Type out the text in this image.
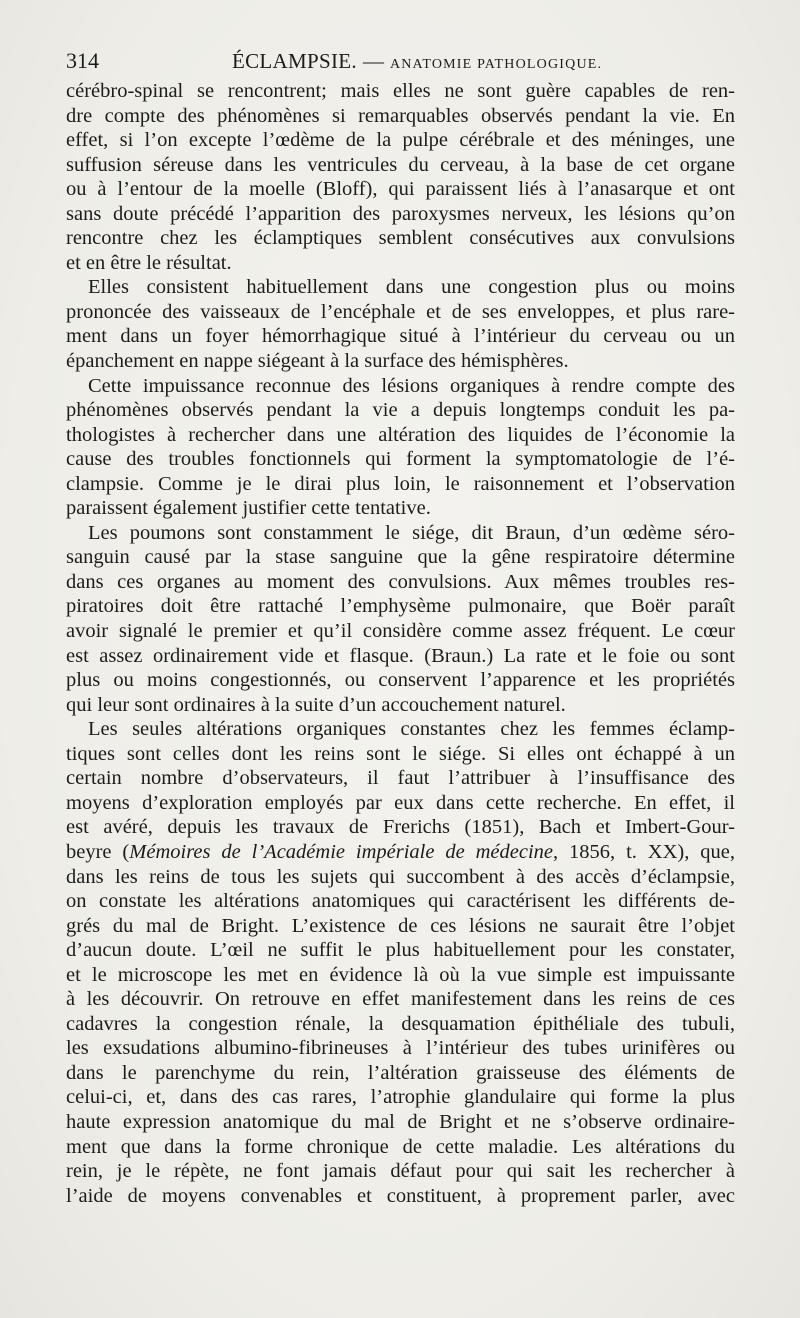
314	ÉCLAMPSIE. — ANATOMIE PATHOLOGIQUE.
cérébro-spinal se rencontrent; mais elles ne sont guère capables de ren-
dre compte des phénomènes si remarquables observés pendant la vie. En
effet, si l’on excepte l’œdème de la pulpe cérébrale et des méninges, une
suffusion séreuse dans les ventricules du cerveau, à la base de cet organe
ou à l’entour de la moelle (Bloff), qui paraissent liés à l’anasarque et ont
sans doute précédé l’apparition des paroxysmes nerveux, les lésions qu’on
rencontre chez les éclamptiques semblent consécutives aux convulsions
et en être le résultat.
Elles consistent habituellement dans une congestion plus ou moins
prononcée des vaisseaux de l’encéphale et de ses enveloppes, et plus rare-
ment dans un foyer hémorrhagique situé à l’intérieur du cerveau ou un
épanchement en nappe siégeant à la surface des hémisphères.
Cette impuissance reconnue des lésions organiques à rendre compte des
phénomènes observés pendant la vie a depuis longtemps conduit les pa-
thologistes à rechercher dans une altération des liquides de l’économie la
cause des troubles fonctionnels qui forment la symptomatologie de l’é-
clampsie. Comme je le dirai plus loin, le raisonnement et l’observation
paraissent également justifier cette tentative.
Les poumons sont constamment le siége, dit Braun, d’un œdème séro-
sanguin causé par la stase sanguine que la gêne respiratoire détermine
dans ces organes au moment des convulsions. Aux mêmes troubles res-
piratoires doit être rattaché l’emphysème pulmonaire, que Boër paraît
avoir signalé le premier et qu’il considère comme assez fréquent. Le cœur
est assez ordinairement vide et flasque. (Braun.) La rate et le foie ou sont
plus ou moins congestionnés, ou conservent l’apparence et les propriétés
qui leur sont ordinaires à la suite d’un accouchement naturel.
Les seules altérations organiques constantes chez les femmes éclamp-
tiques sont celles dont les reins sont le siége. Si elles ont échappé à un
certain nombre d’observateurs, il faut l’attribuer à l’insuffisance des
moyens d’exploration employés par eux dans cette recherche. En effet, il
est avéré, depuis les travaux de Frerichs (1851), Bach et Imbert-Gour-
beyre (Mémoires de l’Académie impériale de médecine, 1856, t. XX), que,
dans les reins de tous les sujets qui succombent à des accès d’éclampsie,
on constate les altérations anatomiques qui caractérisent les différents de-
grés du mal de Bright. L’existence de ces lésions ne saurait être l’objet
d’aucun doute. L’œil ne suffit le plus habituellement pour les constater,
et le microscope les met en évidence là où la vue simple est impuissante
à les découvrir. On retrouve en effet manifestement dans les reins de ces
cadavres la congestion rénale, la desquamation épithéliale des tubuli,
les exsudations albumino-fibrineuses à l’intérieur des tubes urinifères ou
dans le parenchyme du rein, l’altération graisseuse des éléments de
celui-ci, et, dans des cas rares, l’atrophie glandulaire qui forme la plus
haute expression anatomique du mal de Bright et ne s’observe ordinaire-
ment que dans la forme chronique de cette maladie. Les altérations du
rein, je le répète, ne font jamais défaut pour qui sait les rechercher à
l’aide de moyens convenables et constituent, à proprement parler, avec
